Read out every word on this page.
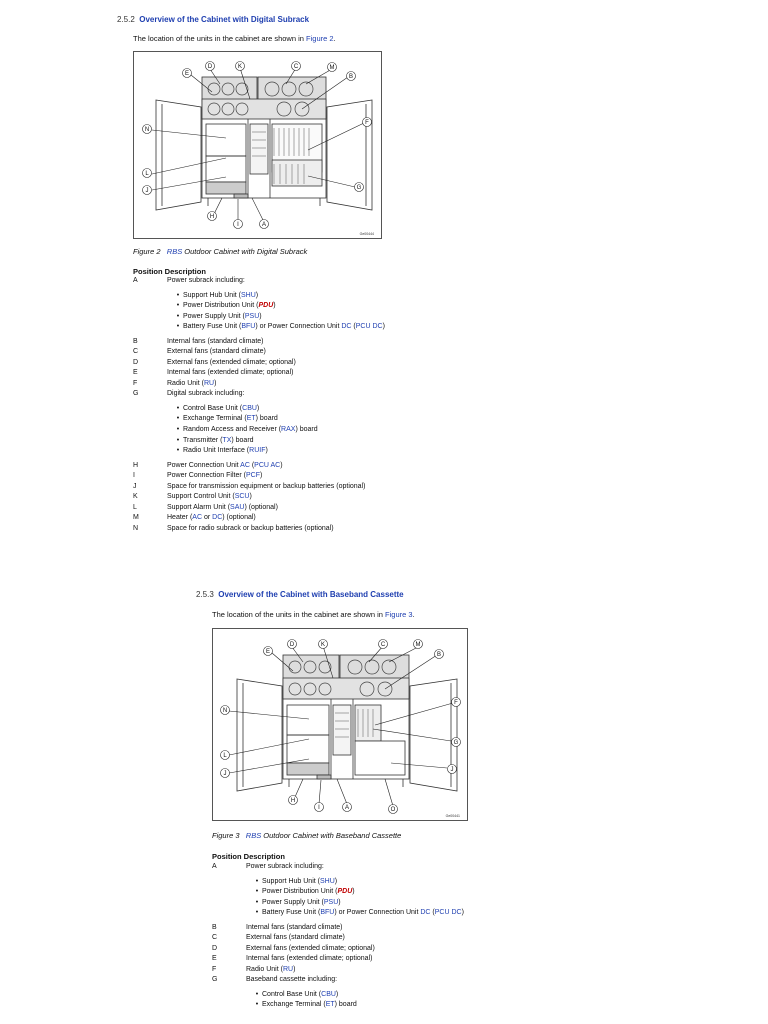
2.5.2 Overview of the Cabinet with Digital Subrack
The location of the units in the cabinet are shown in Figure 2.
E
D	K	C	M
B
F
G
N
L
J
H
I	A
Ge00444
Figure 2 RBS Outdoor Cabinet with Digital Subrack
Position Description
A	Power subrack including:
• Support Hub Unit (SHU)
• Power Distribution Unit (PDU)
• Power Supply Unit (PSU)
• Battery Fuse Unit (BFU) or Power Connection Unit DC (PCU DC)
B	Internal fans (standard climate)
C	External fans (standard climate)
D	External fans (extended climate; optional)
E	Internal fans (extended climate; optional)
F	Radio Unit (RU)
G	Digital subrack including:
• Control Base Unit (CBU)
• Exchange Terminal (ET) board
• Random Access and Receiver (RAX) board
• Transmitter (TX) board
• Radio Unit Interface (RUIF)
H	Power Connection Unit AC (PCU AC)
I	Power Connection Filter (PCF)
J	Space for transmission equipment or backup batteries (optional)
K	Support Control Unit (SCU)
L	Support Alarm Unit (SAU) (optional)
M	Heater (AC or DC) (optional)
N	Space for radio subrack or backup batteries (optional)
2.5.3 Overview of the Cabinet with Baseband Cassette
The location of the units in the cabinet are shown in Figure 3.
E
D	K	C	M
B
F
G
J
N
L
J
H
I	A	O
Ge00441
Figure 3 RBS Outdoor Cabinet with Baseband Cassette
Position Description
A	Power subrack including:
• Support Hub Unit (SHU)
• Power Distribution Unit (PDU)
• Power Supply Unit (PSU)
• Battery Fuse Unit (BFU) or Power Connection Unit DC (PCU DC)
B	Internal fans (standard climate)
C	External fans (standard climate)
D	External fans (extended climate; optional)
E	Internal fans (extended climate; optional)
F	Radio Unit (RU)
G	Baseband cassette including:
• Control Base Unit (CBU)
• Exchange Terminal (ET) board
